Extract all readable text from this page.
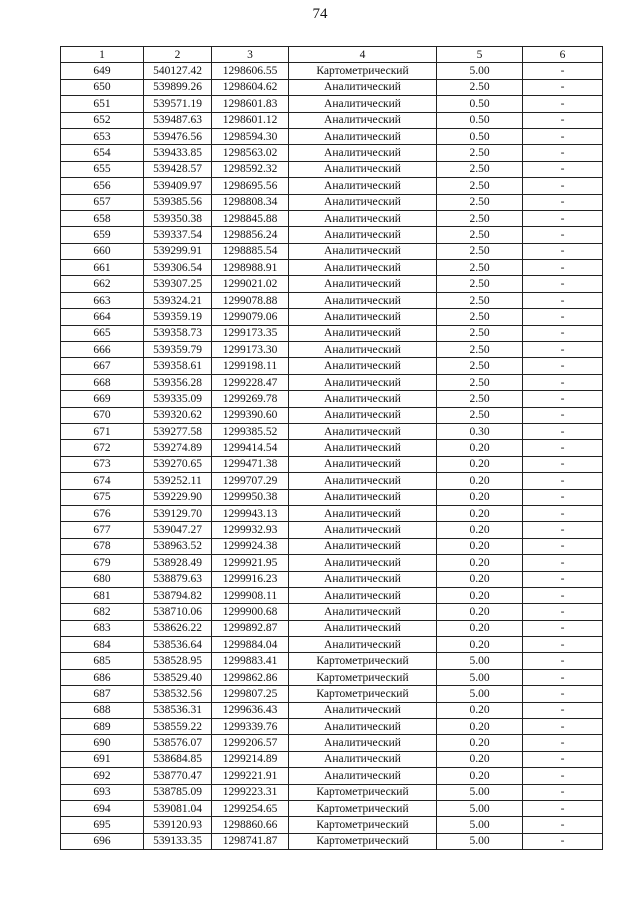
74
1	2	3	4	5	6
649	540127.42	1298606.55	Картометрический	5.00	-
650	539899.26	1298604.62	Аналитический	2.50	-
651	539571.19	1298601.83	Аналитический	0.50	-
652	539487.63	1298601.12	Аналитический	0.50	-
653	539476.56	1298594.30	Аналитический	0.50	-
654	539433.85	1298563.02	Аналитический	2.50	-
655	539428.57	1298592.32	Аналитический	2.50	-
656	539409.97	1298695.56	Аналитический	2.50	-
657	539385.56	1298808.34	Аналитический	2.50	-
658	539350.38	1298845.88	Аналитический	2.50	-
659	539337.54	1298856.24	Аналитический	2.50	-
660	539299.91	1298885.54	Аналитический	2.50	-
661	539306.54	1298988.91	Аналитический	2.50	-
662	539307.25	1299021.02	Аналитический	2.50	-
663	539324.21	1299078.88	Аналитический	2.50	-
664	539359.19	1299079.06	Аналитический	2.50	-
665	539358.73	1299173.35	Аналитический	2.50	-
666	539359.79	1299173.30	Аналитический	2.50	-
667	539358.61	1299198.11	Аналитический	2.50	-
668	539356.28	1299228.47	Аналитический	2.50	-
669	539335.09	1299269.78	Аналитический	2.50	-
670	539320.62	1299390.60	Аналитический	2.50	-
671	539277.58	1299385.52	Аналитический	0.30	-
672	539274.89	1299414.54	Аналитический	0.20	-
673	539270.65	1299471.38	Аналитический	0.20	-
674	539252.11	1299707.29	Аналитический	0.20	-
675	539229.90	1299950.38	Аналитический	0.20	-
676	539129.70	1299943.13	Аналитический	0.20	-
677	539047.27	1299932.93	Аналитический	0.20	-
678	538963.52	1299924.38	Аналитический	0.20	-
679	538928.49	1299921.95	Аналитический	0.20	-
680	538879.63	1299916.23	Аналитический	0.20	-
681	538794.82	1299908.11	Аналитический	0.20	-
682	538710.06	1299900.68	Аналитический	0.20	-
683	538626.22	1299892.87	Аналитический	0.20	-
684	538536.64	1299884.04	Аналитический	0.20	-
685	538528.95	1299883.41	Картометрический	5.00	-
686	538529.40	1299862.86	Картометрический	5.00	-
687	538532.56	1299807.25	Картометрический	5.00	-
688	538536.31	1299636.43	Аналитический	0.20	-
689	538559.22	1299339.76	Аналитический	0.20	-
690	538576.07	1299206.57	Аналитический	0.20	-
691	538684.85	1299214.89	Аналитический	0.20	-
692	538770.47	1299221.91	Аналитический	0.20	-
693	538785.09	1299223.31	Картометрический	5.00	-
694	539081.04	1299254.65	Картометрический	5.00	-
695	539120.93	1298860.66	Картометрический	5.00	-
696	539133.35	1298741.87	Картометрический	5.00	-
